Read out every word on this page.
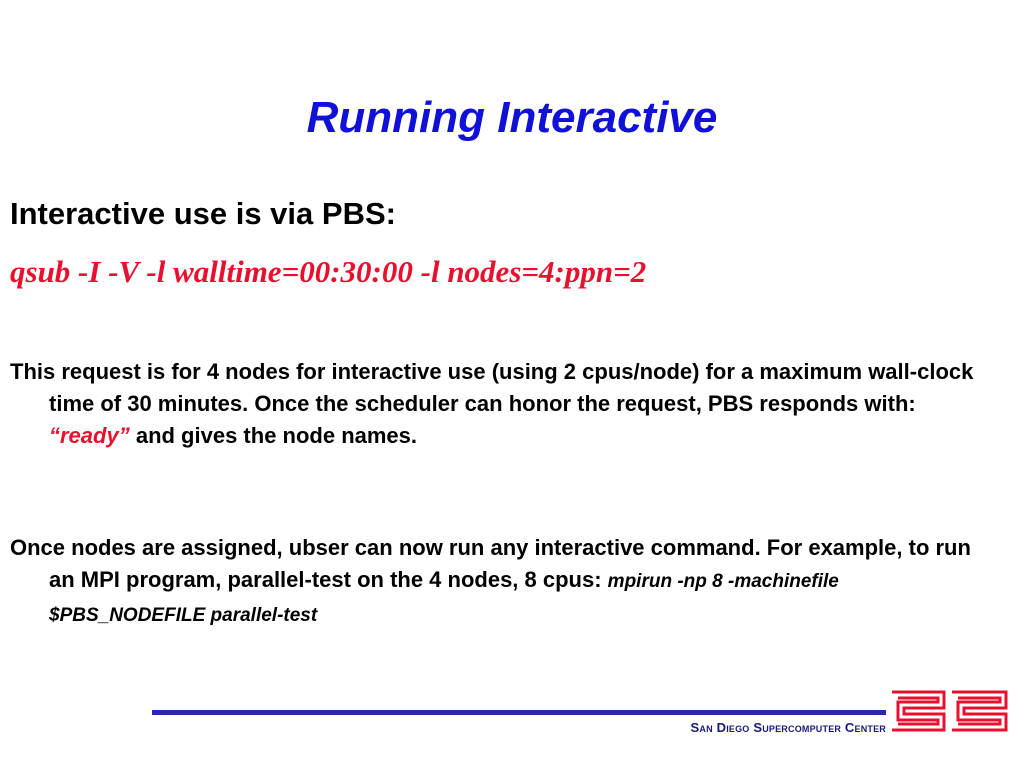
Running Interactive
Interactive use is via PBS:
qsub -I -V -l walltime=00:30:00 -l nodes=4:ppn=2
This request is for 4 nodes for interactive use (using 2 cpus/node) for a maximum wall-clock time of 30 minutes. Once the scheduler can honor the request, PBS responds with: “ready” and gives the node names.
Once nodes are assigned, ubser can now run any interactive command. For example, to run an MPI program, parallel-test on the 4 nodes, 8 cpus: mpirun -np 8 -machinefile $PBS_NODEFILE parallel-test
San Diego Supercomputer Center
